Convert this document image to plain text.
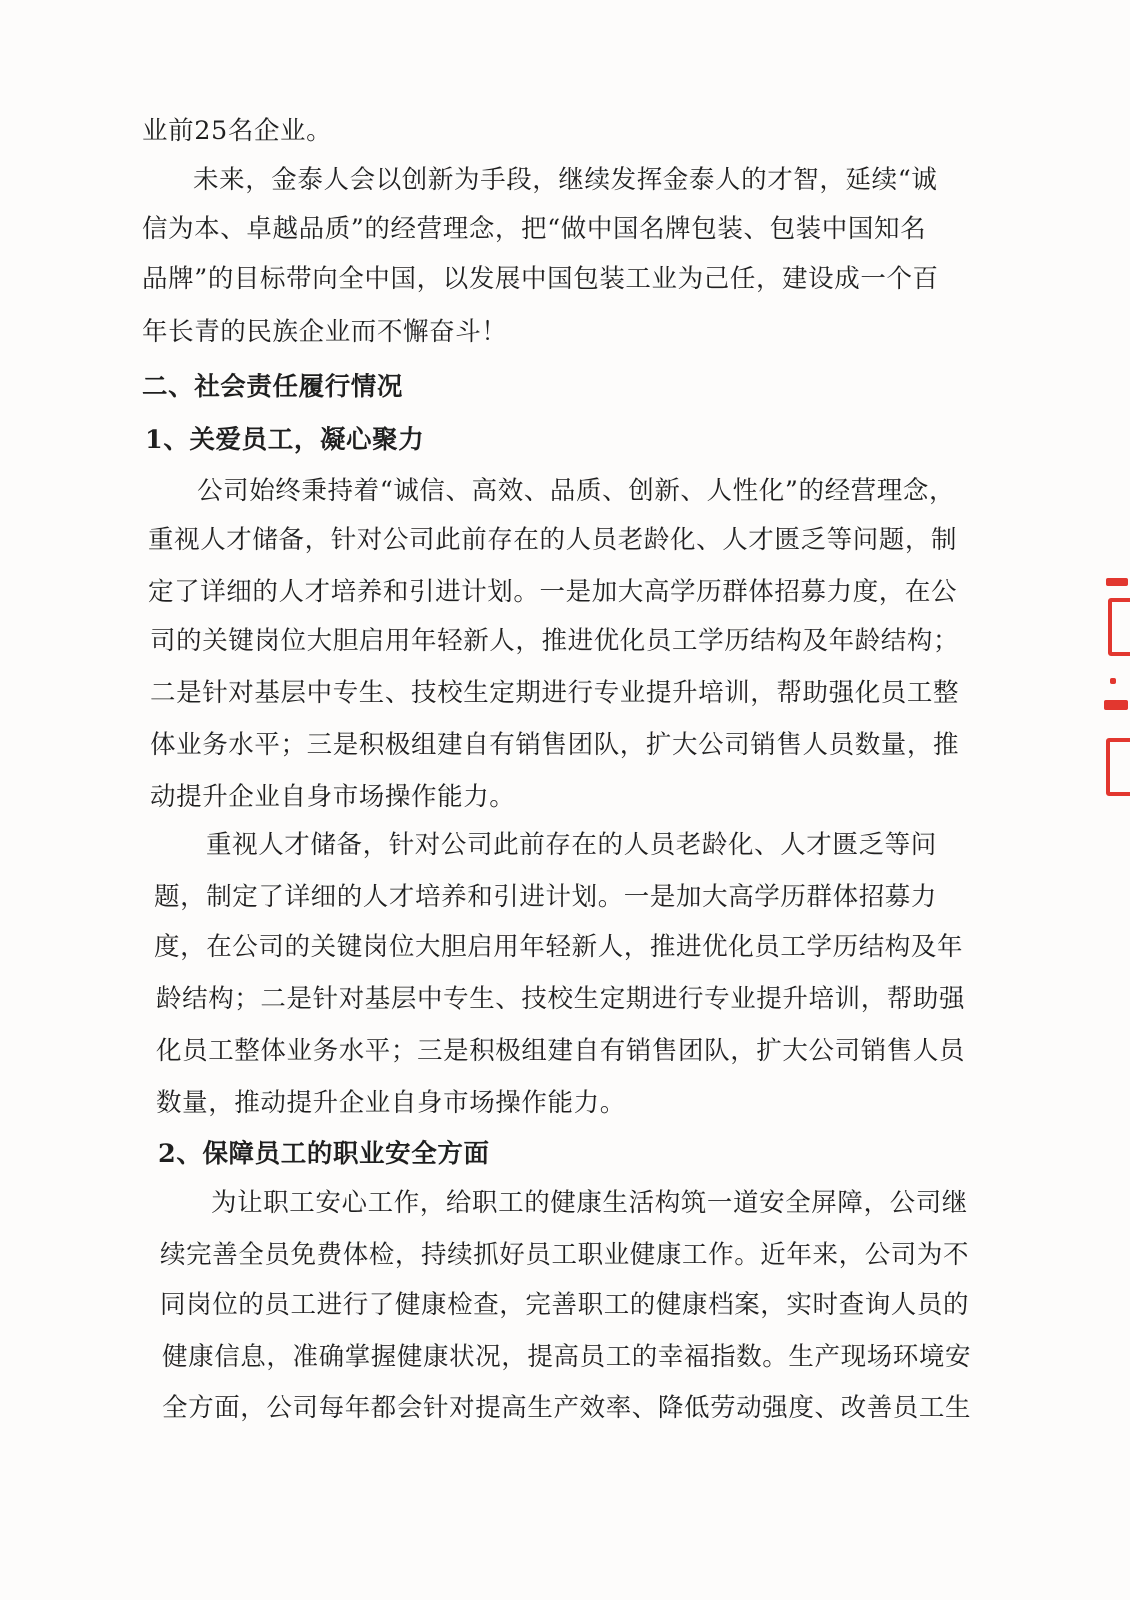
业前25名企业。
未来，金泰人会以创新为手段，继续发挥金泰人的才智，延续“诚
信为本、卓越品质”的经营理念，把“做中国名牌包装、包装中国知名
品牌”的目标带向全中国，以发展中国包装工业为己任，建设成一个百
年长青的民族企业而不懈奋斗！
二、社会责任履行情况
1、关爱员工，凝心聚力
公司始终秉持着“诚信、高效、品质、创新、人性化”的经营理念，
重视人才储备，针对公司此前存在的人员老龄化、人才匮乏等问题，制
定了详细的人才培养和引进计划。一是加大高学历群体招募力度，在公
司的关键岗位大胆启用年轻新人，推进优化员工学历结构及年龄结构；
二是针对基层中专生、技校生定期进行专业提升培训，帮助强化员工整
体业务水平；三是积极组建自有销售团队，扩大公司销售人员数量，推
动提升企业自身市场操作能力。
重视人才储备，针对公司此前存在的人员老龄化、人才匮乏等问
题，制定了详细的人才培养和引进计划。一是加大高学历群体招募力
度，在公司的关键岗位大胆启用年轻新人，推进优化员工学历结构及年
龄结构；二是针对基层中专生、技校生定期进行专业提升培训，帮助强
化员工整体业务水平；三是积极组建自有销售团队，扩大公司销售人员
数量，推动提升企业自身市场操作能力。
2、保障员工的职业安全方面
为让职工安心工作，给职工的健康生活构筑一道安全屏障，公司继
续完善全员免费体检，持续抓好员工职业健康工作。近年来，公司为不
同岗位的员工进行了健康检查，完善职工的健康档案，实时查询人员的
健康信息，准确掌握健康状况，提高员工的幸福指数。生产现场环境安
全方面，公司每年都会针对提高生产效率、降低劳动强度、改善员工生
